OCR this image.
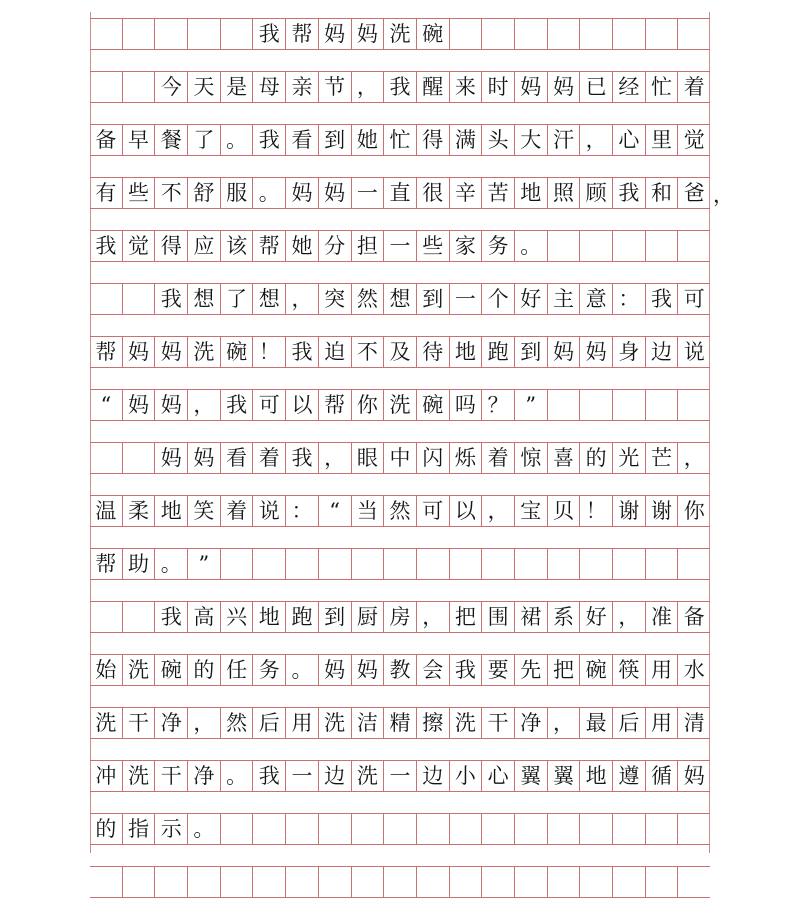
我 帮 妈 妈 洗 碗
今 天 是 母 亲 节 ， 我 醒 来 时 妈 妈 已 经 忙 着
备 早 餐 了 。 我 看 到 她 忙 得 满 头 大 汗 ， 心 里 觉
有 些 不 舒 服 。 妈 妈 一 直 很 辛 苦 地 照 顾 我 和 爸 ，
我 觉 得 应 该 帮 她 分 担 一 些 家 务 。
我 想 了 想 ， 突 然 想 到 一 个 好 主 意 ： 我 可
帮 妈 妈 洗 碗 ！ 我 迫 不 及 待 地 跑 到 妈 妈 身 边 说
“ 妈 妈 ， 我 可 以 帮 你 洗 碗 吗 ？ ”
妈 妈 看 着 我 ， 眼 中 闪 烁 着 惊 喜 的 光 芒 ，
温 柔 地 笑 着 说 ： “ 当 然 可 以 ， 宝 贝 ！ 谢 谢 你
帮 助 。 ”
我 高 兴 地 跑 到 厨 房 ， 把 围 裙 系 好 ， 准 备
始 洗 碗 的 任 务 。 妈 妈 教 会 我 要 先 把 碗 筷 用 水
洗 干 净 ， 然 后 用 洗 洁 精 擦 洗 干 净 ， 最 后 用 清
冲 洗 干 净 。 我 一 边 洗 一 边 小 心 翼 翼 地 遵 循 妈
的 指 示 。
